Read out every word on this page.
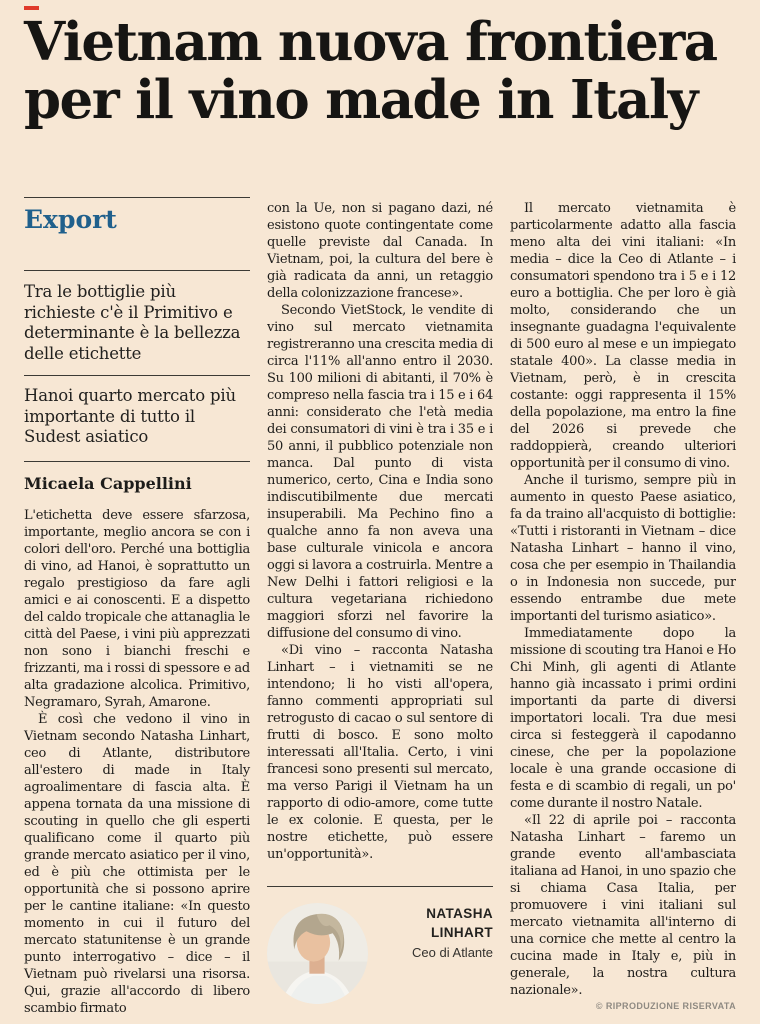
Vietnam nuova frontiera per il vino made in Italy
Export
Tra le bottiglie più richieste c'è il Primitivo e determinante è la bellezza delle etichette
Hanoi quarto mercato più importante di tutto il Sudest asiatico
Micaela Cappellini

L'etichetta deve essere sfarzosa, importante, meglio ancora se con i colori dell'oro. Perché una bottiglia di vino, ad Hanoi, è soprattutto un regalo prestigioso da fare agli amici e ai conoscenti. E a dispetto del caldo tropicale che attanaglia le città del Paese, i vini più apprezzati non sono i bianchi freschi e frizzanti, ma i rossi di spessore e ad alta gradazione alcolica. Primitivo, Negramaro, Syrah, Amarone.

È così che vedono il vino in Vietnam secondo Natasha Linhart, ceo di Atlante, distributore all'estero di made in Italy agroalimentare di fascia alta. È appena tornata da una missione di scouting in quello che gli esperti qualificano come il quarto più grande mercato asiatico per il vino, ed è più che ottimista per le opportunità che si possono aprire per le cantine italiane: «In questo momento in cui il futuro del mercato statunitense è un grande punto interrogativo – dice – il Vietnam può rivelarsi una risorsa. Qui, grazie all'accordo di libero scambio firmato

con la Ue, non si pagano dazi, né esistono quote contingentate come quelle previste dal Canada. In Vietnam, poi, la cultura del bere è già radicata da anni, un retaggio della colonizzazione francese».

Secondo VietStock, le vendite di vino sul mercato vietnamita registreranno una crescita media di circa l'11% all'anno entro il 2030. Su 100 milioni di abitanti, il 70% è compreso nella fascia tra i 15 e i 64 anni: considerato che l'età media dei consumatori di vini è tra i 35 e i 50 anni, il pubblico potenziale non manca. Dal punto di vista numerico, certo, Cina e India sono indiscutibilmente due mercati insuperabili. Ma Pechino fino a qualche anno fa non aveva una base culturale vinicola e ancora oggi si lavora a costruirla. Mentre a New Delhi i fattori religiosi e la cultura vegetariana richiedono maggiori sforzi nel favorire la diffusione del consumo di vino.

«Di vino – racconta Natasha Linhart – i vietnamiti se ne intendono; li ho visti all'opera, fanno commenti appropriati sul retrogusto di cacao o sul sentore di frutti di bosco. E sono molto interessati all'Italia. Certo, i vini francesi sono presenti sul mercato, ma verso Parigi il Vietnam ha un rapporto di odio-amore, come tutte le ex colonie. E questa, per le nostre etichette, può essere un'opportunità».

NATASHA LINHART
Ceo di Atlante

Il mercato vietnamita è particolarmente adatto alla fascia meno alta dei vini italiani: «In media – dice la Ceo di Atlante – i consumatori spendono tra i 5 e i 12 euro a bottiglia. Che per loro è già molto, considerando che un insegnante guadagna l'equivalente di 500 euro al mese e un impiegato statale 400». La classe media in Vietnam, però, è in crescita costante: oggi rappresenta il 15% della popolazione, ma entro la fine del 2026 si prevede che raddoppierà, creando ulteriori opportunità per il consumo di vino.

Anche il turismo, sempre più in aumento in questo Paese asiatico, fa da traino all'acquisto di bottiglie: «Tutti i ristoranti in Vietnam – dice Natasha Linhart – hanno il vino, cosa che per esempio in Thailandia o in Indonesia non succede, pur essendo entrambe due mete importanti del turismo asiatico».

Immediatamente dopo la missione di scouting tra Hanoi e Ho Chi Minh, gli agenti di Atlante hanno già incassato i primi ordini importanti da parte di diversi importatori locali. Tra due mesi circa si festeggerà il capodanno cinese, che per la popolazione locale è una grande occasione di festa e di scambio di regali, un po' come durante il nostro Natale.

«Il 22 di aprile poi – racconta Natasha Linhart – faremo un grande evento all'ambasciata italiana ad Hanoi, in uno spazio che si chiama Casa Italia, per promuovere i vini italiani sul mercato vietnamita all'interno di una cornice che mette al centro la cucina made in Italy e, più in generale, la nostra cultura nazionale».

© RIPRODUZIONE RISERVATA
